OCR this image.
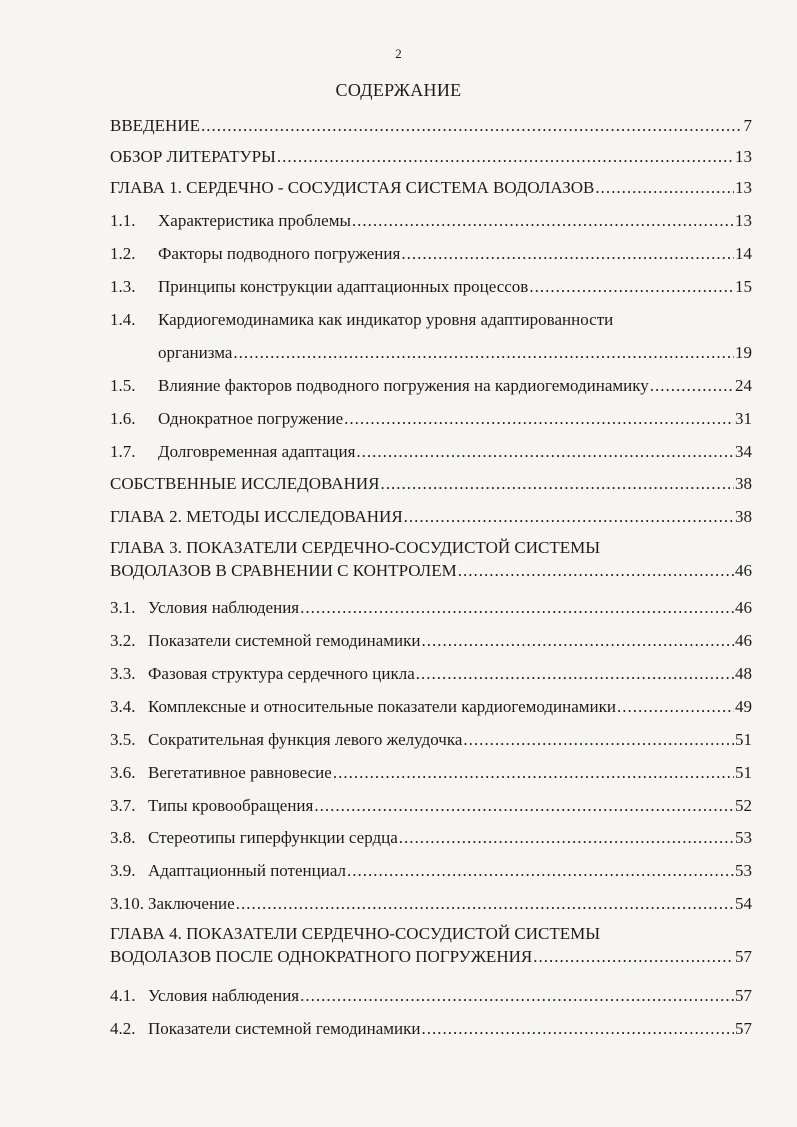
2
СОДЕРЖАНИЕ
ВВЕДЕНИЕ .....	7
ОБЗОР ЛИТЕРАТУРЫ .....	13
ГЛАВА 1. СЕРДЕЧНО - СОСУДИСТАЯ СИСТЕМА ВОДОЛАЗОВ .....	13
1.1.	Характеристика проблемы .....	13
1.2.	Факторы подводного погружения .....	14
1.3.	Принципы конструкции адаптационных процессов .....	15
1.4. Кардиогемодинамика как индикатор уровня адаптированности
организма .....	19
1.5.	Влияние факторов подводного погружения на кардиогемодинамику .....	24
1.6.	Однократное погружение .....	31
1.7.	Долговременная адаптация .....	34
СОБСТВЕННЫЕ ИССЛЕДОВАНИЯ .....	38
ГЛАВА 2. МЕТОДЫ ИССЛЕДОВАНИЯ .....	38
ГЛАВА 3. ПОКАЗАТЕЛИ СЕРДЕЧНО-СОСУДИСТОЙ СИСТЕМЫ
ВОДОЛАЗОВ В СРАВНЕНИИ С КОНТРОЛЕМ .....	46
3.1. Условия наблюдения .....	46
3.2. Показатели системной гемодинамики .....	46
3.3. Фазовая структура сердечного цикла .....	48
3.4. Комплексные и относительные показатели кардиогемодинамики .....	49
3.5. Сократительная функция левого желудочка .....	51
3.6. Вегетативное равновесие .....	51
3.7. Типы кровообращения .....	52
3.8. Стереотипы гиперфункции сердца .....	53
3.9. Адаптационный потенциал .....	53
3.10. Заключение .....	54
ГЛАВА 4. ПОКАЗАТЕЛИ СЕРДЕЧНО-СОСУДИСТОЙ СИСТЕМЫ
ВОДОЛАЗОВ ПОСЛЕ ОДНОКРАТНОГО ПОГРУЖЕНИЯ .....	57
4.1. Условия наблюдения .....	57
4.2. Показатели системной гемодинамики .....	57
